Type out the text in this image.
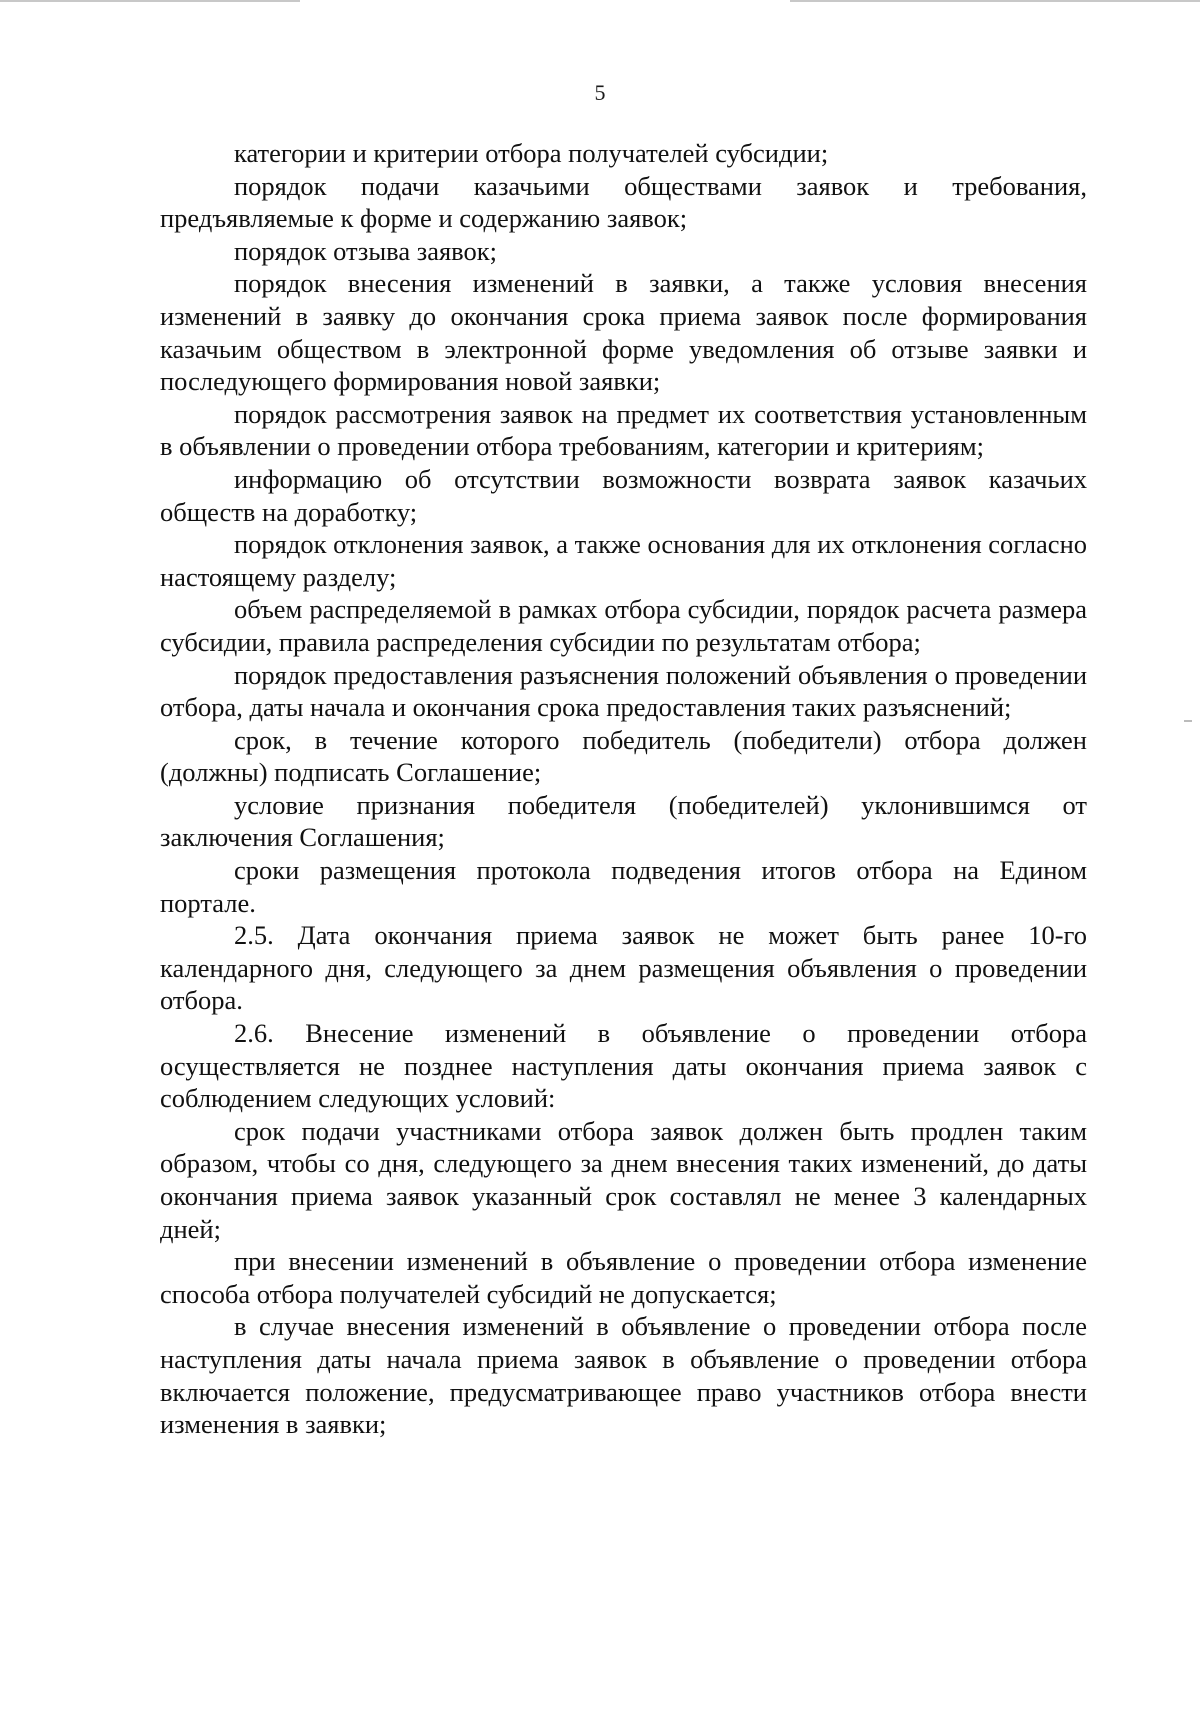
5

категории и критерии отбора получателей субсидии;

порядок подачи казачьими обществами заявок и требования, предъявляемые к форме и содержанию заявок;

порядок отзыва заявок;

порядок внесения изменений в заявки, а также условия внесения изменений в заявку до окончания срока приема заявок после формирования казачьим обществом в электронной форме уведомления об отзыве заявки и последующего формирования новой заявки;

порядок рассмотрения заявок на предмет их соответствия установленным в объявлении о проведении отбора требованиям, категории и критериям;

информацию об отсутствии возможности возврата заявок казачьих обществ на доработку;

порядок отклонения заявок, а также основания для их отклонения согласно настоящему разделу;

объем распределяемой в рамках отбора субсидии, порядок расчета размера субсидии, правила распределения субсидии по результатам отбора;

порядок предоставления разъяснения положений объявления о проведении отбора, даты начала и окончания срока предоставления таких разъяснений;

срок, в течение которого победитель (победители) отбора должен (должны) подписать Соглашение;

условие признания победителя (победителей) уклонившимся от заключения Соглашения;

сроки размещения протокола подведения итогов отбора на Едином портале.

2.5. Дата окончания приема заявок не может быть ранее 10-го календарного дня, следующего за днем размещения объявления о проведении отбора.

2.6. Внесение изменений в объявление о проведении отбора осуществляется не позднее наступления даты окончания приема заявок с соблюдением следующих условий:

срок подачи участниками отбора заявок должен быть продлен таким образом, чтобы со дня, следующего за днем внесения таких изменений, до даты окончания приема заявок указанный срок составлял не менее 3 календарных дней;

при внесении изменений в объявление о проведении отбора изменение способа отбора получателей субсидий не допускается;

в случае внесения изменений в объявление о проведении отбора после наступления даты начала приема заявок в объявление о проведении отбора включается положение, предусматривающее право участников отбора внести изменения в заявки;
